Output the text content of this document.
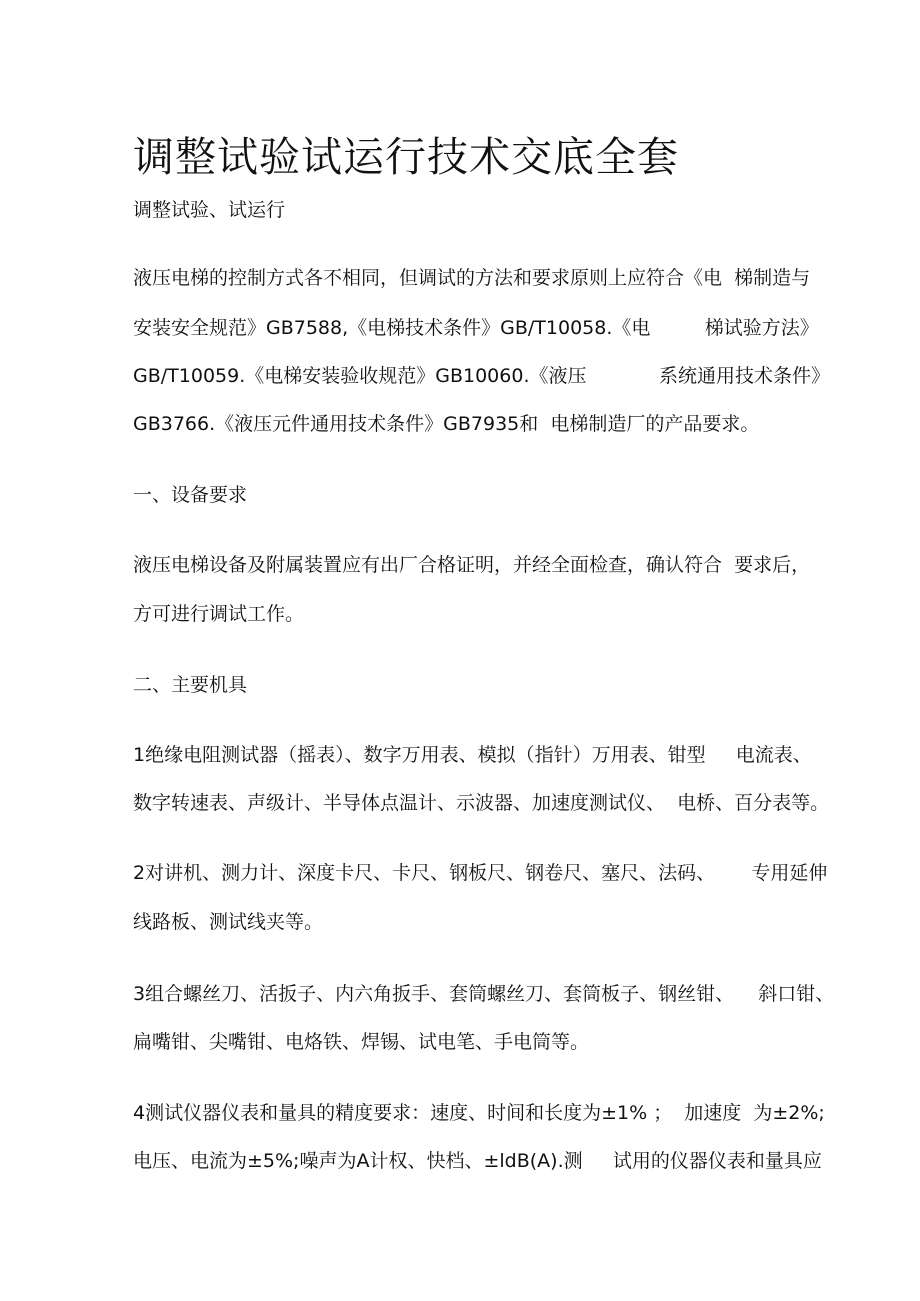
调整试验试运行技术交底全套
调整试验、试运行
液压电梯的控制方式各不相同，但调试的方法和要求原则上应符合《电  梯制造与
安装安全规范》GB7588,《电梯技术条件》GB/T10058.《电         梯试验方法》
GB/T10059.《电梯安装验收规范》GB10060.《液压            系统通用技术条件》
GB3766.《液压元件通用技术条件》GB7935和  电梯制造厂的产品要求。
一、设备要求
液压电梯设备及附属装置应有出厂合格证明，并经全面检查，确认符合  要求后，
方可进行调试工作。
二、主要机具
1绝缘电阻测试器（摇表）、数字万用表、模拟（指针）万用表、钳型     电流表、
数字转速表、声级计、半导体点温计、示波器、加速度测试仪、  电桥、百分表等。
2对讲机、测力计、深度卡尺、卡尺、钢板尺、钢卷尺、塞尺、法码、      专用延伸
线路板、测试线夹等。
3组合螺丝刀、活扳子、内六角扳手、套筒螺丝刀、套筒板子、钢丝钳、    斜口钳、
扁嘴钳、尖嘴钳、电烙铁、焊锡、试电笔、手电筒等。
4测试仪器仪表和量具的精度要求：速度、时间和长度为±1% ；  加速度  为±2%;
电压、电流为±5%;噪声为A计权、快档、±ldB(A).测     试用的仪器仪表和量具应
